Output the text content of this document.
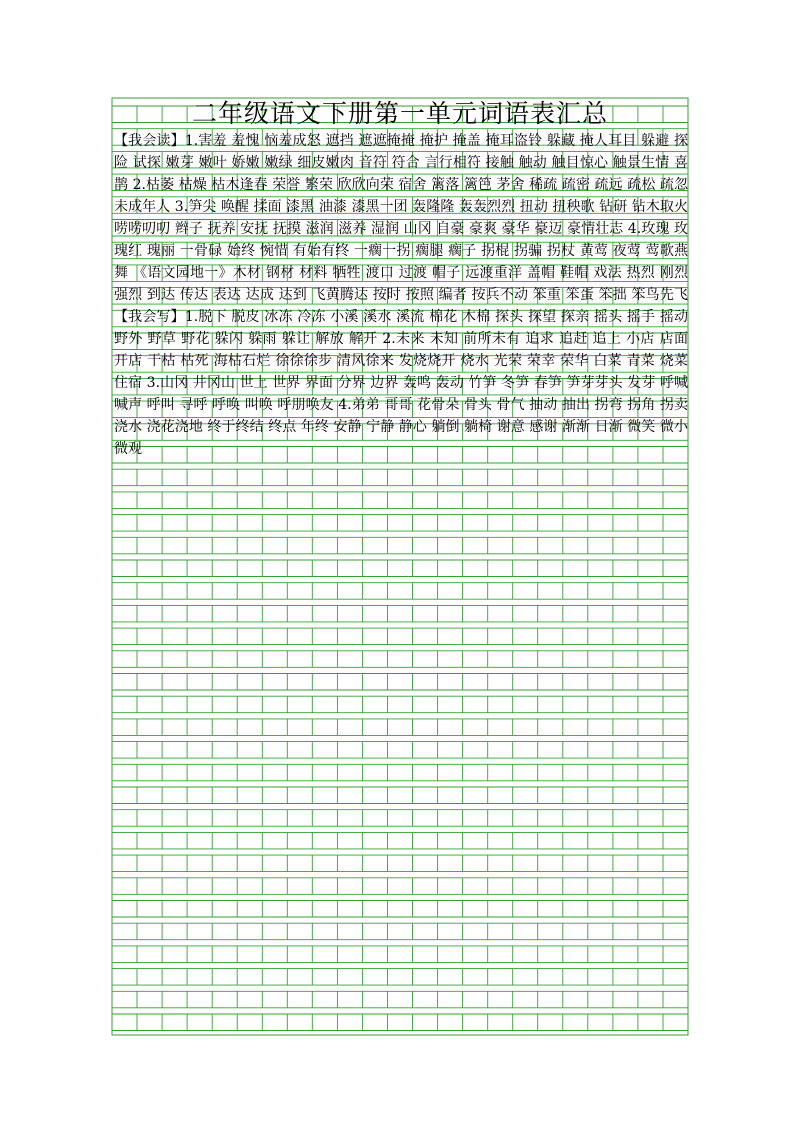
二年级语文下册第一单元词语表汇总
【我会读】1.害羞 羞愧 恼羞成怒 遮挡 遮遮掩掩 掩护 掩盖 掩耳盗铃 躲藏 掩人耳目 躲避 探险 试探 嫩芽 嫩叶 娇嫩 嫩绿 细皮嫩肉 音符 符合 言行相符 接触 触动 触目惊心 触景生情 喜鹊 2.枯萎 枯燥 枯木逢春 荣誉 繁荣 欣欣向荣 宿舍 篱落 篱笆 茅舍 稀疏 疏密 疏远 疏松 疏忽 未成年人 3.笋尖 唤醒 揉面 漆黑 油漆 漆黑一团 轰隆隆 轰轰烈烈 扭动 扭秧歌 钻研 钻木取火 唠唠叨叨 辫子 抚养 安抚 抚摸 滋润 滋养 湿润 山冈 自豪 豪爽 豪华 豪迈 豪情壮志 4.玫瑰 玫瑰红 瑰丽 一骨碌 始终 惋惜 有始有终 一瘸一拐 瘸腿 瘸子 拐棍 拐骗 拐杖 黄莺 夜莺 莺歌燕舞 《语文园地一》木材 钢材 材料 牺牲 渡口 过渡 帽子 远渡重洋 盖帽 鞋帽 戏法 热烈 刚烈 强烈 到达 传达 表达 达成 达到 飞黄腾达 按时 按照 编者 按兵不动 笨重 笨蛋 笨拙 笨鸟先飞 【我会写】1.脱下 脱皮 冰冻 冷冻 小溪 溪水 溪流 棉花 木棉 探头 探望 探亲 摇头 摇手 摇动 野外 野草 野花 躲闪 躲雨 躲让 解放 解开 2.未来 未知 前所未有 追求 追赶 追上 小店 店面 开店 干枯 枯死 海枯石烂 徐徐徐步 清风徐来 发烧烧开 烧水 光荣 荣幸 荣华 白菜 青菜 烧菜 住宿 3.山冈 井冈山 世上 世界 界面 分界 边界 轰鸣 轰动 竹笋 冬笋 春笋 笋芽芽头 发芽 呼喊 喊声 呼叫 寻呼 呼唤 叫唤 呼朋唤友 4.弟弟 哥哥 花骨朵 骨头 骨气 抽动 抽出 拐弯 拐角 拐卖 浇水 浇花浇地 终于终结 终点 年终 安静 宁静 静心 躺倒 躺椅 谢意 感谢 渐渐 日渐 微笑 微小 微观
